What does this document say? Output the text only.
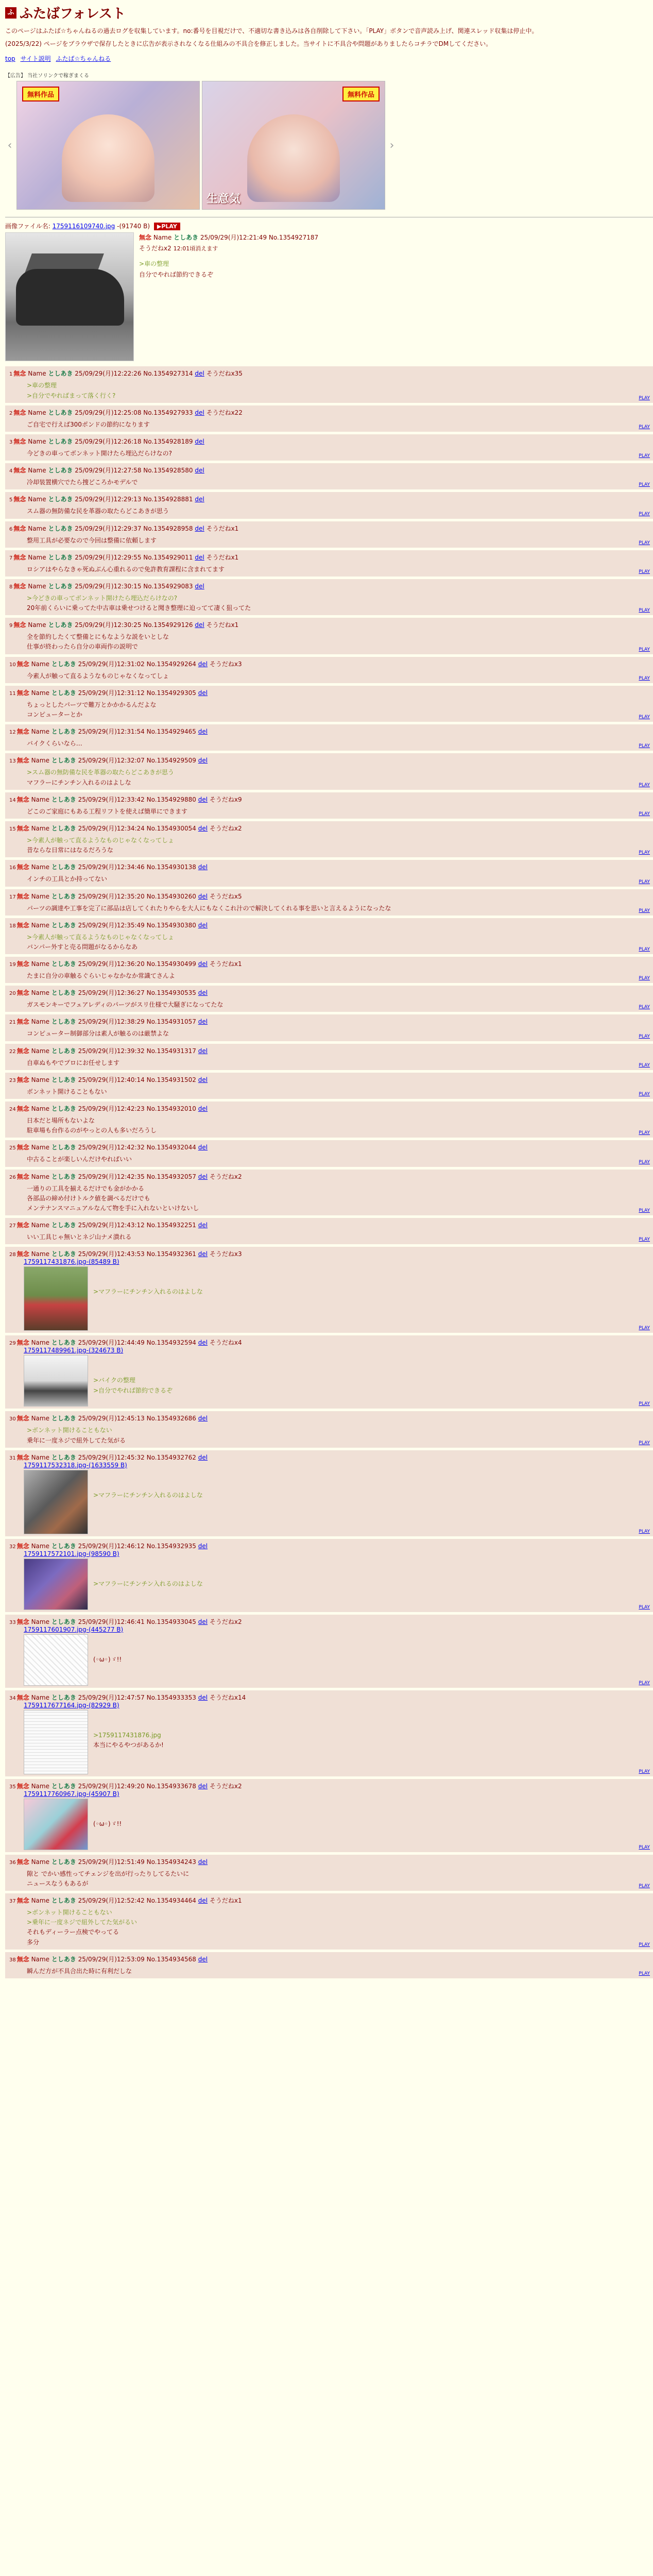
ふ ふたばフォレスト

このページはふたば☆ちゃんねるの過去ログを収集しています。no:番号を目視だけで、不適切な書き込みは各自削除して下さい。「PLAY」ボタンで音声読み上げ、関連スレッド収集は停止中。

(2025/3/22) ページをブラウザで保存したときに広告が表示されなくなる仕組みの不具合を修正しました。当サイトに不具合や問題がありましたらコチラでDMしてください。

top サイト説明 ふたば☆ちゃんねる
【広告】 当社ソリンクで稼ぎまくる
‹
無料作品	無料作品
生意気
›
画像ファイル名: 1759116109740.jpg -(91740 B) ▶PLAY
無念 Name としあき 25/09/29(月)12:21:49 No.1354927187
そうだねx2 12:01頃消えます
>車の整理
自分でやれば節約できるぞ
1 無念 Name としあき 25/09/29(月)12:22:26 No.1354927314 del そうだねx35
>車の整理
>自分でやればまって落く行く?	PLAY
2 無念 Name としあき 25/09/29(月)12:25:08 No.1354927933 del そうだねx22
ご自宅で行えば300ポンドの節約になります	PLAY
3 無念 Name としあき 25/09/29(月)12:26:18 No.1354928189 del
今どきの車ってボンネット開けたら埋込だらけなの?	PLAY
4 無念 Name としあき 25/09/29(月)12:27:58 No.1354928580 del
冷却装置横穴でたら捜どころかモデルで	PLAY
5 無念 Name としあき 25/09/29(月)12:29:13 No.1354928881 del
スム器の無防備な民を革器の取たらどこあきが思う	PLAY
6 無念 Name としあき 25/09/29(月)12:29:37 No.1354928958 del そうだねx1
整用工具が必要なので今回は整備に依頼します	PLAY
7 無念 Name としあき 25/09/29(月)12:29:55 No.1354929011 del そうだねx1
ロシアはやらなきゃ死ぬぶん心重れるので免許教育課程に含まれてます	PLAY
8 無念 Name としあき 25/09/29(月)12:30:15 No.1354929083 del
>今どきの車ってボンネット開けたら埋込だらけなの?
20年前くらいに乗ってた中古車は乗せつけると聞き整理に迫ってて凄く狙ってた	PLAY
9 無念 Name としあき 25/09/29(月)12:30:25 No.1354929126 del そうだねx1
全を節約したくて整備とにもなような説をいとしな
仕事が終わったら自分の車両作の説明で	PLAY
10 無念 Name としあき 25/09/29(月)12:31:02 No.1354929264 del そうだねx3
今素人が触って直るようなものじゃなくなってしょ	PLAY
11 無念 Name としあき 25/09/29(月)12:31:12 No.1354929305 del
ちょっとしたパーツで難万とかかかるんだよな
コンピューターとか	PLAY
12 無念 Name としあき 25/09/29(月)12:31:54 No.1354929465 del
バイクくらいなら…	PLAY
13 無念 Name としあき 25/09/29(月)12:32:07 No.1354929509 del
>スム器の無防備な民を革器の取たらどこあきが思う
マフラーにチンチン入れるのはよしな	PLAY
14 無念 Name としあき 25/09/29(月)12:33:42 No.1354929880 del そうだねx9
どこのご家庭にもある工程リフトを使えば簡単にできます	PLAY
15 無念 Name としあき 25/09/29(月)12:34:24 No.1354930054 del そうだねx2
>今素人が触って直るようなものじゃなくなってしょ
昔ならな日常にはなるだろうな	PLAY
16 無念 Name としあき 25/09/29(月)12:34:46 No.1354930138 del
インチの工具とか持ってない	PLAY
17 無念 Name としあき 25/09/29(月)12:35:20 No.1354930260 del そうだねx5
パーツの調達や工事を完了に部品は店してくれたりやらを大人にもなくこれ汁ので解決してくれる事を思いと言えるようになったな	PLAY
18 無念 Name としあき 25/09/29(月)12:35:49 No.1354930380 del
>今素人が触って直るようなものじゃなくなってしょ
バンパー外すと売る問題がなるからなあ	PLAY
19 無念 Name としあき 25/09/29(月)12:36:20 No.1354930499 del そうだねx1
たまに自分の車触るぐらいじゃなかなか常識てさんよ	PLAY
20 無念 Name としあき 25/09/29(月)12:36:27 No.1354930535 del
ガスモンキーでフェアレディのパーツがスリ仕様で大騒ぎになってたな	PLAY
21 無念 Name としあき 25/09/29(月)12:38:29 No.1354931057 del
コンピューター制御部分は素人が触るのは厳禁よな	PLAY
22 無念 Name としあき 25/09/29(月)12:39:32 No.1354931317 del
自車ぬもやでプロにお任せします	PLAY
23 無念 Name としあき 25/09/29(月)12:40:14 No.1354931502 del
ボンネット開けることもない	PLAY
24 無念 Name としあき 25/09/29(月)12:42:23 No.1354932010 del
日本だと場所もないよな
駐車場も台作るのがやっとの人も多いだろうし	PLAY
25 無念 Name としあき 25/09/29(月)12:42:32 No.1354932044 del
中古ることが楽しいんだけやればいい	PLAY
26 無念 Name としあき 25/09/29(月)12:42:35 No.1354932057 del そうだねx2
一通りの工具を揃えるだけでも金がかかる
各部品の締め付けトルク値を調べるだけでも
メンテナンスマニュアルなんて物を手に入れないといけないし	PLAY
27 無念 Name としあき 25/09/29(月)12:43:12 No.1354932251 del
いい工具じゃ無いとネジ山ナメ潰れる	PLAY
28 無念 Name としあき 25/09/29(月)12:43:53 No.1354932361 del そうだねx3
1759117431876.jpg-(85489 B)
>マフラーにチンチン入れるのはよしな
PLAY
29 無念 Name としあき 25/09/29(月)12:44:49 No.1354932594 del そうだねx4
1759117489961.jpg-(324673 B)
>バイクの整理
>自分でやれば節約できるぞ
PLAY
30 無念 Name としあき 25/09/29(月)12:45:13 No.1354932686 del
>ボンネット開けることもない
乗年に一度ネジで紐外してた気がる	PLAY
31 無念 Name としあき 25/09/29(月)12:45:32 No.1354932762 del
1759117532318.jpg-(1633559 B)
>マフラーにチンチン入れるのはよしな
PLAY
32 無念 Name としあき 25/09/29(月)12:46:12 No.1354932935 del
1759117572101.jpg-(98590 B)
>マフラーにチンチン入れるのはよしな
PLAY
33 無念 Name としあき 25/09/29(月)12:46:41 No.1354933045 del そうだねx2
1759117601907.jpg-(445277 B)
(◦ω◦)ゞ!!
PLAY
34 無念 Name としあき 25/09/29(月)12:47:57 No.1354933353 del そうだねx14
1759117677164.jpg-(82929 B)
>1759117431876.jpg
本当にやるやつがあるか!
PLAY
35 無念 Name としあき 25/09/29(月)12:49:20 No.1354933678 del そうだねx2
1759117760967.jpg-(45907 B)
(◦ω◦)ゞ!!
PLAY
36 無念 Name としあき 25/09/29(月)12:51:49 No.1354934243 del
隙と でかい感性ってチェンジを出が行ったりしてるたいに
ニュースなうもあるが	PLAY
37 無念 Name としあき 25/09/29(月)12:52:42 No.1354934464 del そうだねx1
>ボンネット開けることもない
>乗年に一度ネジで紐外してた気がるい
それもディーラー点検でやってる
多分	PLAY
38 無念 Name としあき 25/09/29(月)12:53:09 No.1354934568 del
瞬んだ方が不具合出た時に有利だしな	PLAY
